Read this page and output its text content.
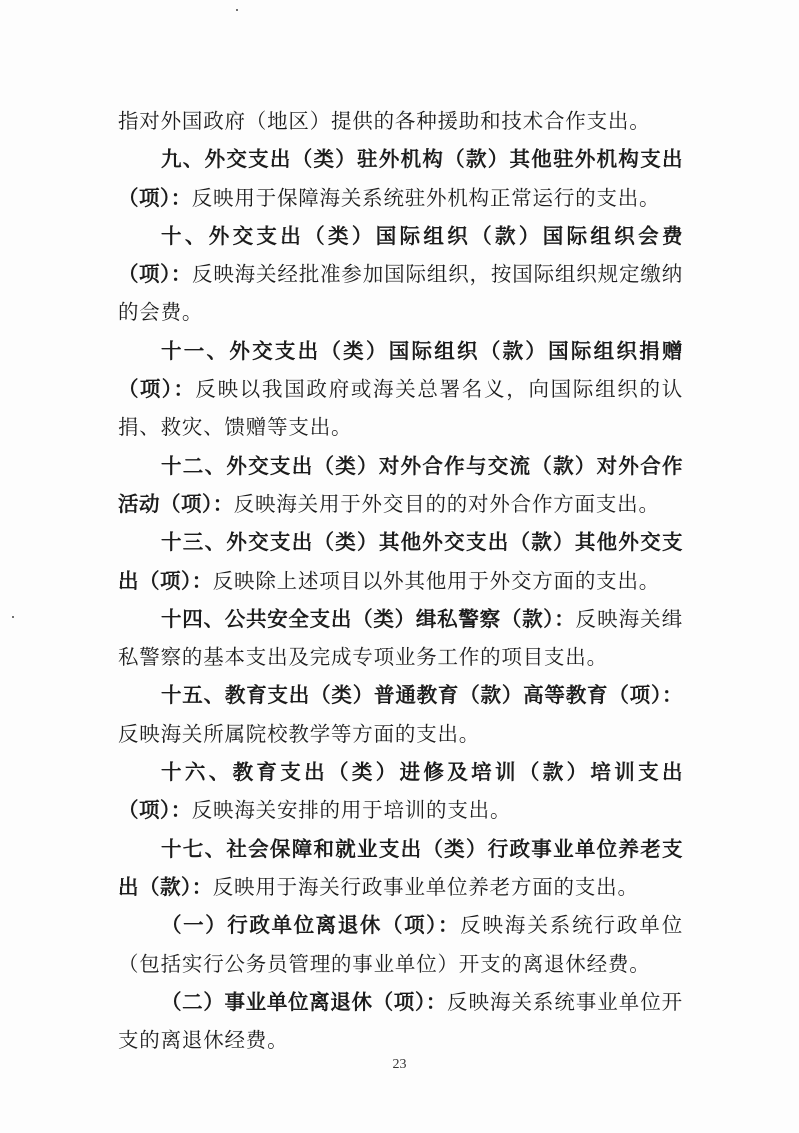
指对外国政府（地区）提供的各种援助和技术合作支出。

九、外交支出（类）驻外机构（款）其他驻外机构支出（项）：反映用于保障海关系统驻外机构正常运行的支出。

十、外交支出（类）国际组织（款）国际组织会费（项）：反映海关经批准参加国际组织，按国际组织规定缴纳的会费。

十一、外交支出（类）国际组织（款）国际组织捐赠（项）：反映以我国政府或海关总署名义，向国际组织的认捐、救灾、馈赠等支出。

十二、外交支出（类）对外合作与交流（款）对外合作活动（项）：反映海关用于外交目的的对外合作方面支出。

十三、外交支出（类）其他外交支出（款）其他外交支出（项）：反映除上述项目以外其他用于外交方面的支出。

十四、公共安全支出（类）缉私警察（款）：反映海关缉私警察的基本支出及完成专项业务工作的项目支出。

十五、教育支出（类）普通教育（款）高等教育（项）：反映海关所属院校教学等方面的支出。

十六、教育支出（类）进修及培训（款）培训支出（项）：反映海关安排的用于培训的支出。

十七、社会保障和就业支出（类）行政事业单位养老支出（款）：反映用于海关行政事业单位养老方面的支出。

（一）行政单位离退休（项）：反映海关系统行政单位（包括实行公务员管理的事业单位）开支的离退休经费。

（二）事业单位离退休（项）：反映海关系统事业单位开支的离退休经费。

23
